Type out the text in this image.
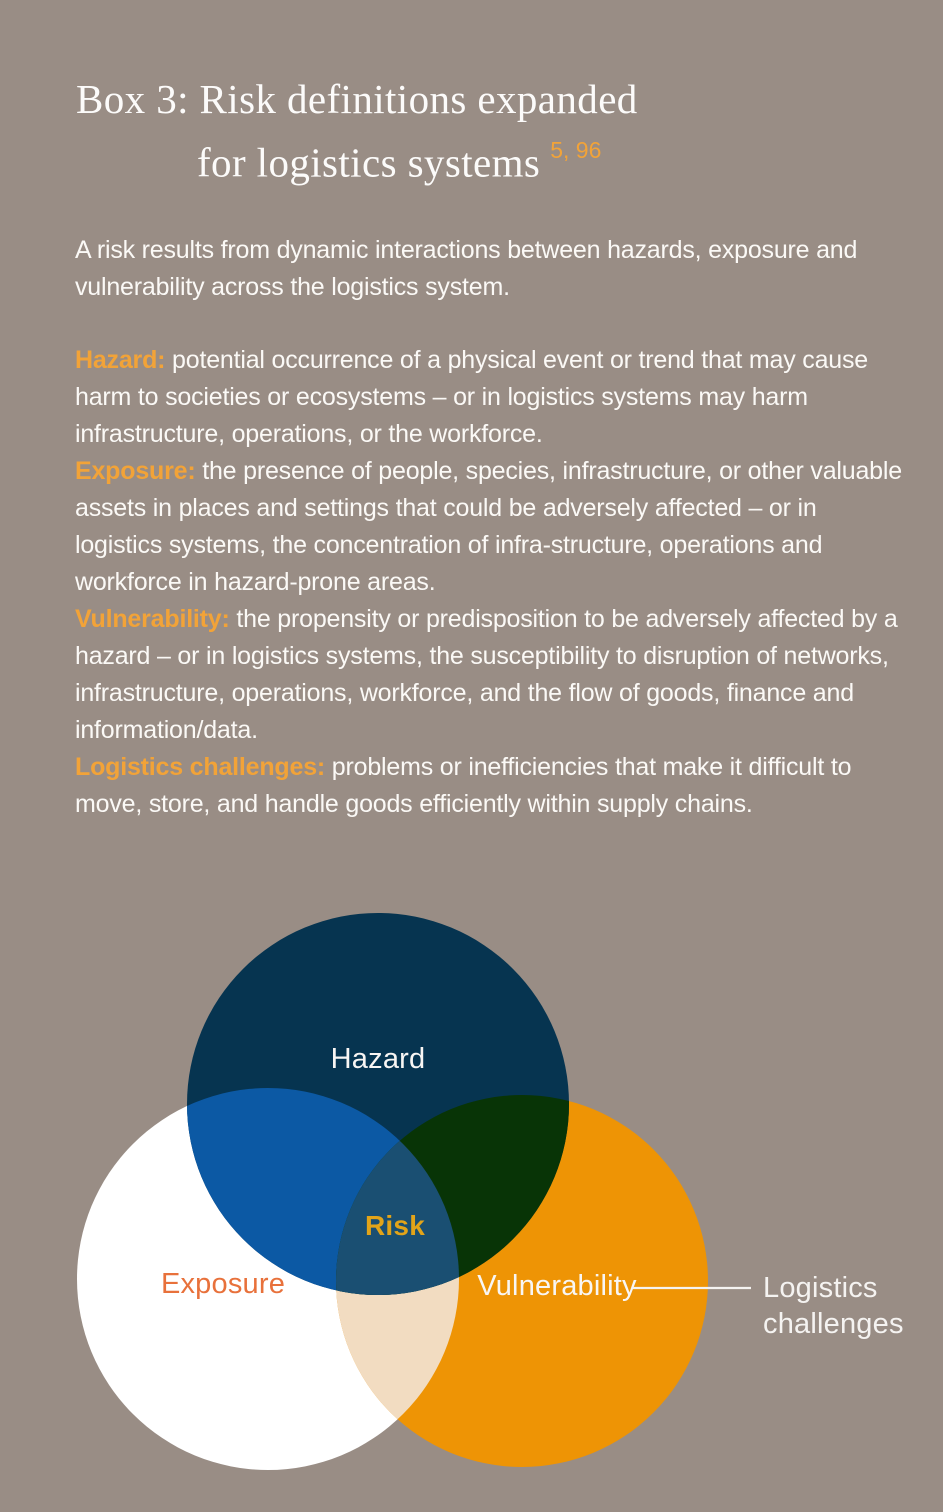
Box 3: Risk definitions expanded
for logistics systems $^{5, 96}$

A risk results from dynamic interactions between hazards, exposure and vulnerability across the logistics system.

Hazard: potential occurrence of a physical event or trend that may cause harm to societies or ecosystems – or in logistics systems may harm infrastructure, operations, or the workforce.

Exposure: the presence of people, species, infrastructure, or other valuable assets in places and settings that could be adversely affected – or in logistics systems, the concentration of infra-structure, operations and workforce in hazard-prone areas.

Vulnerability: the propensity or predisposition to be adversely affected by a hazard – or in logistics systems, the susceptibility to disruption of networks, infrastructure, operations, workforce, and the flow of goods, finance and information/data.

Logistics challenges: problems or inefficiencies that make it difficult to move, store, and handle goods efficiently within supply chains.

Hazard
Exposure	Vulnerability
Risk
Logistics
challenges
